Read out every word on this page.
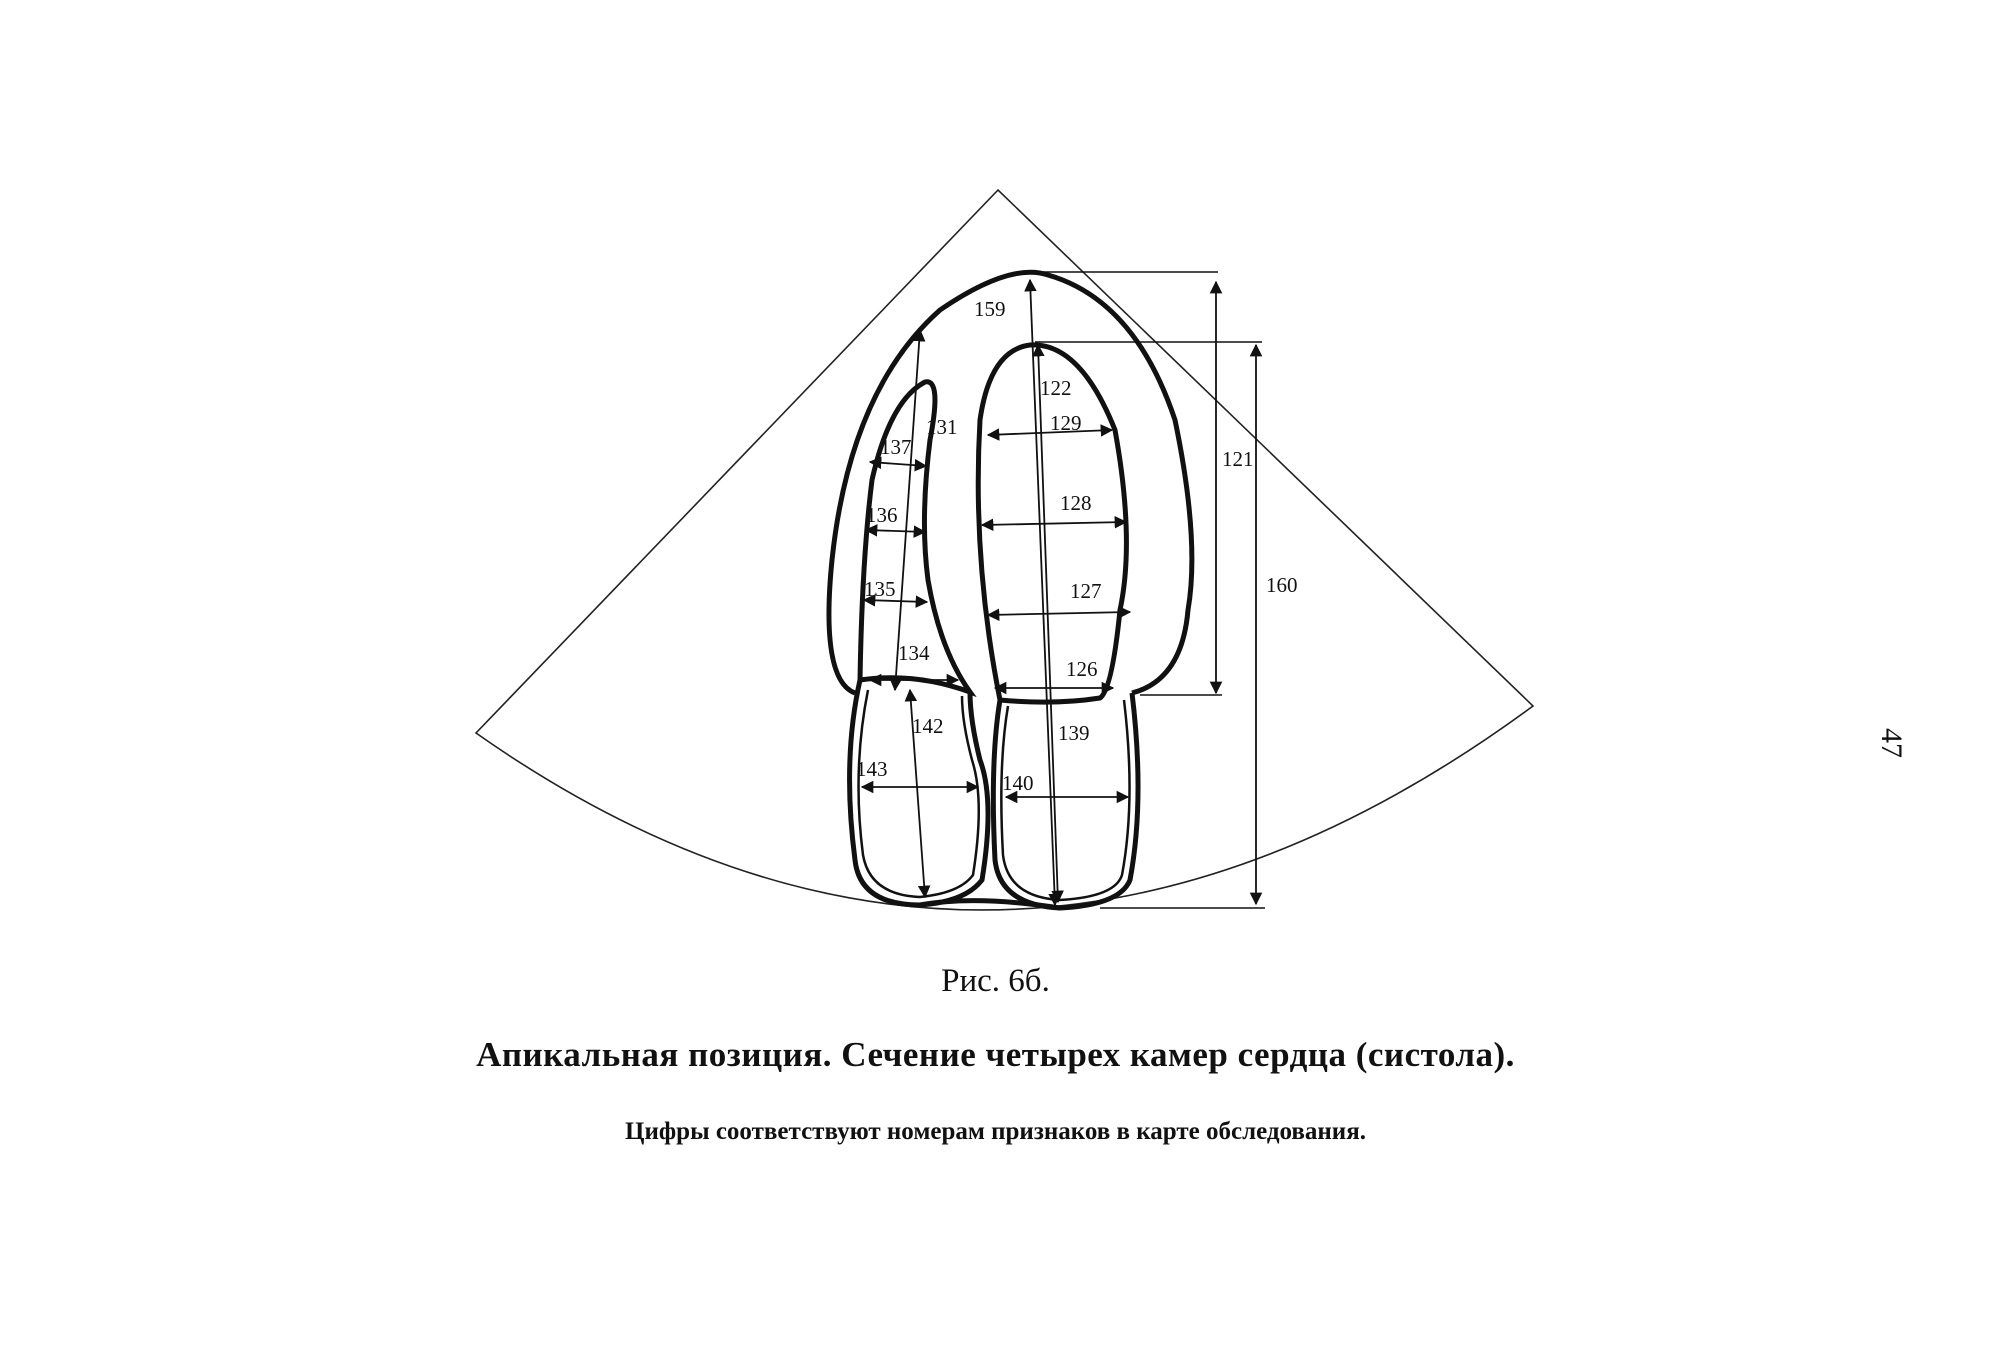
159
122
131	129
137	121
128
136
160
127
135
134
126
142	139
143
140

Рис. 6б.

Апикальная позиция. Сечение четырех камер сердца (систола).

Цифры соответствуют номерам признаков в карте обследования.

47
